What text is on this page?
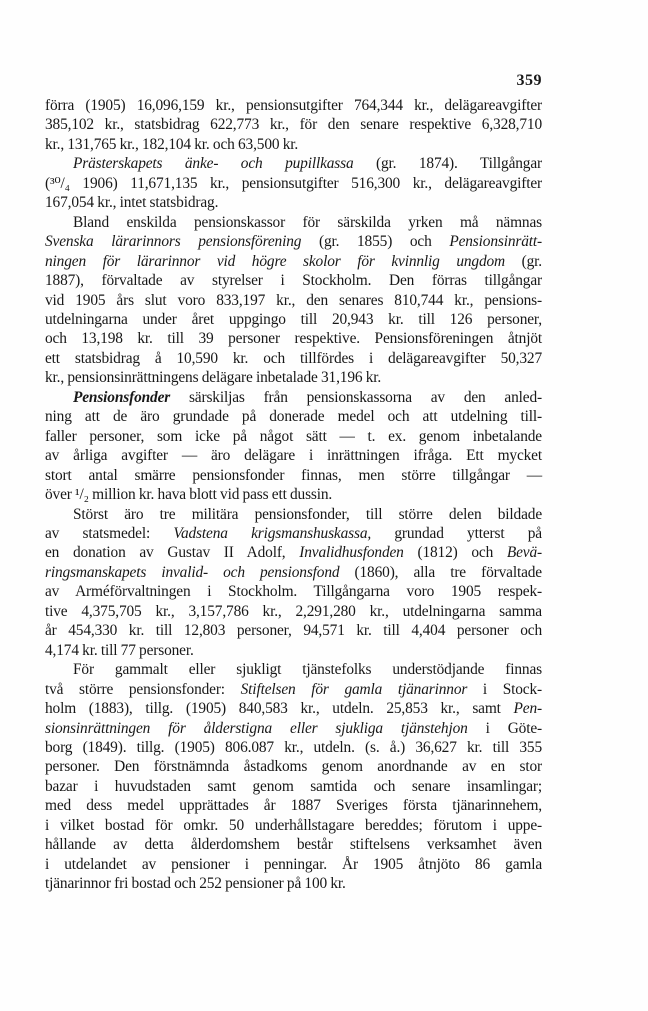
359
förra (1905) 16,096,159 kr., pensionsutgifter 764,344 kr., delägareavgifter
385,102 kr., statsbidrag 622,773 kr., för den senare respektive 6,328,710
kr., 131,765 kr., 182,104 kr. och 63,500 kr.
Prästerskapets änke- och pupillkassa (gr. 1874). Tillgångar
(³⁰/₄ 1906) 11,671,135 kr., pensionsutgifter 516,300 kr., delägareavgifter
167,054 kr., intet statsbidrag.
Bland enskilda pensionskassor för särskilda yrken må nämnas
Svenska lärarinnors pensionsförening (gr. 1855) och Pensionsinrätt-
ningen för lärarinnor vid högre skolor för kvinnlig ungdom (gr.
1887), förvaltade av styrelser i Stockholm. Den förras tillgångar
vid 1905 års slut voro 833,197 kr., den senares 810,744 kr., pensions-
utdelningarna under året uppgingo till 20,943 kr. till 126 personer,
och 13,198 kr. till 39 personer respektive. Pensionsföreningen åtnjöt
ett statsbidrag å 10,590 kr. och tillfördes i delägareavgifter 50,327
kr., pensionsinrättningens delägare inbetalade 31,196 kr.
Pensionsfonder särskiljas från pensionskassorna av den anled-
ning att de äro grundade på donerade medel och att utdelning till-
faller personer, som icke på något sätt — t. ex. genom inbetalande
av årliga avgifter — äro delägare i inrättningen ifråga. Ett mycket
stort antal smärre pensionsfonder finnas, men större tillgångar —
över ¹/₂ million kr. hava blott vid pass ett dussin.
Störst äro tre militära pensionsfonder, till större delen bildade
av statsmedel: Vadstena krigsmanshuskassa, grundad ytterst på
en donation av Gustav II Adolf, Invalidhusfonden (1812) och Bevä-
ringsmanskapets invalid- och pensionsfond (1860), alla tre förvaltade
av Arméförvaltningen i Stockholm. Tillgångarna voro 1905 respek-
tive 4,375,705 kr., 3,157,786 kr., 2,291,280 kr., utdelningarna samma
år 454,330 kr. till 12,803 personer, 94,571 kr. till 4,404 personer och
4,174 kr. till 77 personer.
För gammalt eller sjukligt tjänstefolks understödjande finnas
två större pensionsfonder: Stiftelsen för gamla tjänarinnor i Stock-
holm (1883), tillg. (1905) 840,583 kr., utdeln. 25,853 kr., samt Pen-
sionsinrättningen för ålderstigna eller sjukliga tjänstehjon i Göte-
borg (1849). tillg. (1905) 806.087 kr., utdeln. (s. å.) 36,627 kr. till 355
personer. Den förstnämnda åstadkoms genom anordnande av en stor
bazar i huvudstaden samt genom samtida och senare insamlingar;
med dess medel upprättades år 1887 Sveriges första tjänarinnehem,
i vilket bostad för omkr. 50 underhållstagare bereddes; förutom i uppe-
hållande av detta ålderdomshem består stiftelsens verksamhet även
i utdelandet av pensioner i penningar. År 1905 åtnjöto 86 gamla
tjänarinnor fri bostad och 252 pensioner på 100 kr.
